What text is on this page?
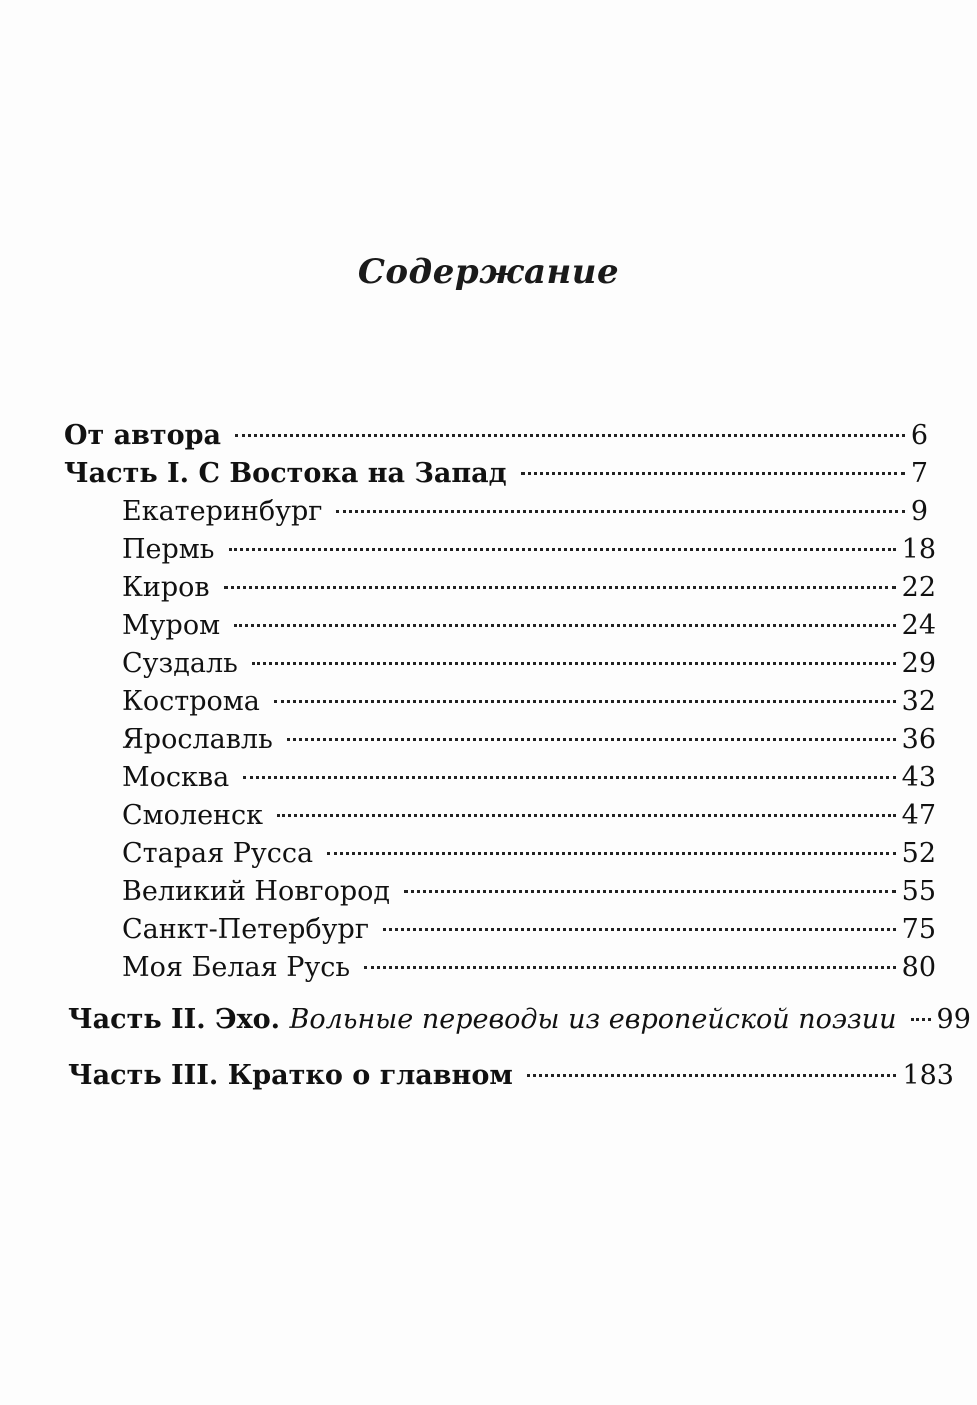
Содержание
От автора	6
Часть I. С Востока на Запад	7
Екатеринбург	9
Пермь	18
Киров	22
Муром	24
Суздаль	29
Кострома	32
Ярославль	36
Москва	43
Смоленск	47
Старая Русса	52
Великий Новгород	55
Санкт-Петербург	75
Моя Белая Русь	80
Часть II. Эхо. Вольные переводы из европейской поэзии 99
Часть III. Кратко о главном	183
